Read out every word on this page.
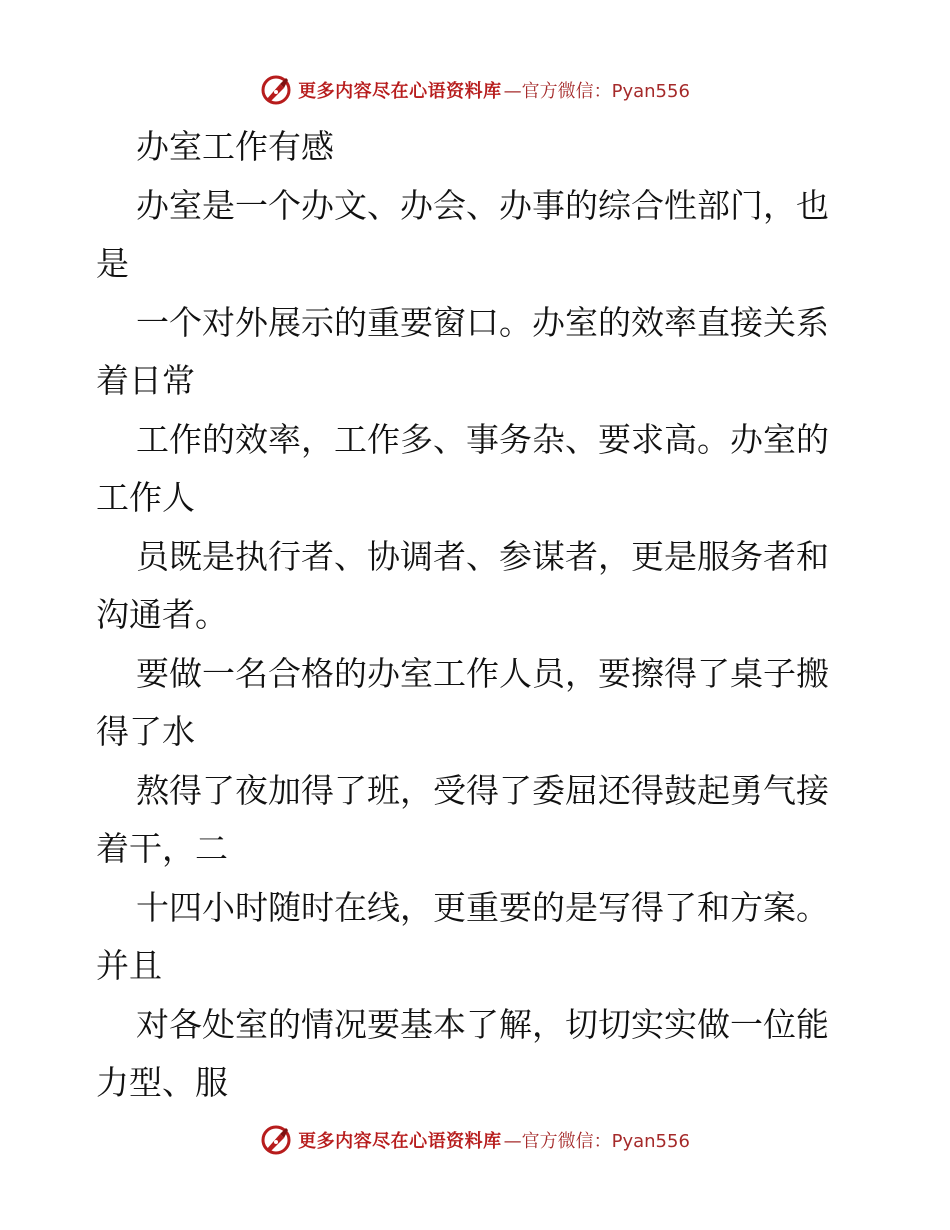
更多内容尽在心语资料库 —官方微信：Pyan556
办室工作有感
办室是一个办文、办会、办事的综合性部门，也
是
一个对外展示的重要窗口。办室的效率直接关系
着日常
工作的效率，工作多、事务杂、要求高。办室的
工作人
员既是执行者、协调者、参谋者，更是服务者和
沟通者。
要做一名合格的办室工作人员，要擦得了桌子搬
得了水
熬得了夜加得了班，受得了委屈还得鼓起勇气接
着干，二
十四小时随时在线，更重要的是写得了和方案。
并且
对各处室的情况要基本了解，切切实实做一位能
力型、服
更多内容尽在心语资料库 —官方微信：Pyan556
